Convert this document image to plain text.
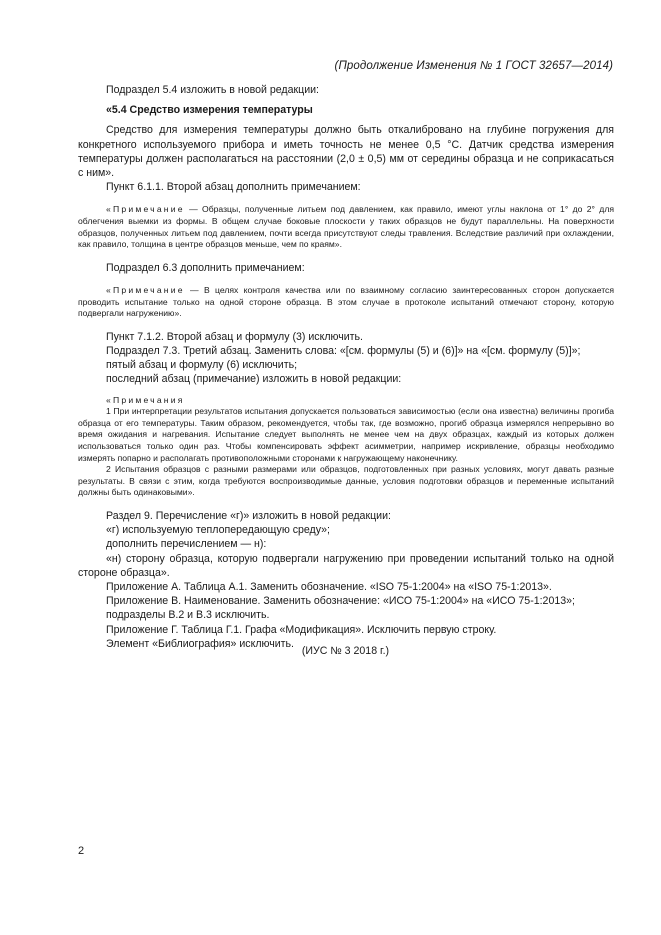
(Продолжение Изменения № 1 ГОСТ 32657—2014)

Подраздел 5.4 изложить в новой редакции:

«5.4 Средство измерения температуры

Средство для измерения температуры должно быть откалибровано на глубине погружения для конкретного используемого прибора и иметь точность не менее 0,5 °С. Датчик средства измерения температуры должен располагаться на расстоянии (2,0 ± 0,5) мм от середины образца и не соприкасаться с ним».

Пункт 6.1.1. Второй абзац дополнить примечанием:

«Примечание — Образцы, полученные литьем под давлением, как правило, имеют углы наклона от 1° до 2° для облегчения выемки из формы. В общем случае боковые плоскости у таких образцов не будут параллельны. На поверхности образцов, полученных литьем под давлением, почти всегда присутствуют следы травления. Вследствие различий при охлаждении, как правило, толщина в центре образцов меньше, чем по краям».

Подраздел 6.3 дополнить примечанием:

«Примечание — В целях контроля качества или по взаимному согласию заинтересованных сторон допускается проводить испытание только на одной стороне образца. В этом случае в протоколе испытаний отмечают сторону, которую подвергали нагружению».

Пункт 7.1.2. Второй абзац и формулу (3) исключить.

Подраздел 7.3. Третий абзац. Заменить слова: «[см. формулы (5) и (6)]» на «[см. формулу (5)]»;

пятый абзац и формулу (6) исключить;

последний абзац (примечание) изложить в новой редакции:

«Примечания

1 При интерпретации результатов испытания допускается пользоваться зависимостью (если она известна) величины прогиба образца от его температуры. Таким образом, рекомендуется, чтобы так, где возможно, прогиб образца измерялся непрерывно во время ожидания и нагревания. Испытание следует выполнять не менее чем на двух образцах, каждый из которых должен использоваться только один раз. Чтобы компенсировать эффект асимметрии, например искривление, образцы необходимо измерять попарно и располагать противоположными сторонами к нагружающему наконечнику.

2 Испытания образцов с разными размерами или образцов, подготовленных при разных условиях, могут давать разные результаты. В связи с этим, когда требуются воспроизводимые данные, условия подготовки образцов и переменные испытаний должны быть одинаковыми».

Раздел 9. Перечисление «г)» изложить в новой редакции:

«г) используемую теплопередающую среду»;

дополнить перечислением — н):

«н) сторону образца, которую подвергали нагружению при проведении испытаний только на одной стороне образца».

Приложение А. Таблица А.1. Заменить обозначение. «ISO 75-1:2004» на «ISO 75-1:2013».

Приложение В. Наименование. Заменить обозначение: «ИСО 75-1:2004» на «ИСО 75-1:2013»;

подразделы В.2 и В.3 исключить.

Приложение Г. Таблица Г.1. Графа «Модификация». Исключить первую строку.

Элемент «Библиография» исключить.

(ИУС № 3 2018 г.)
2
